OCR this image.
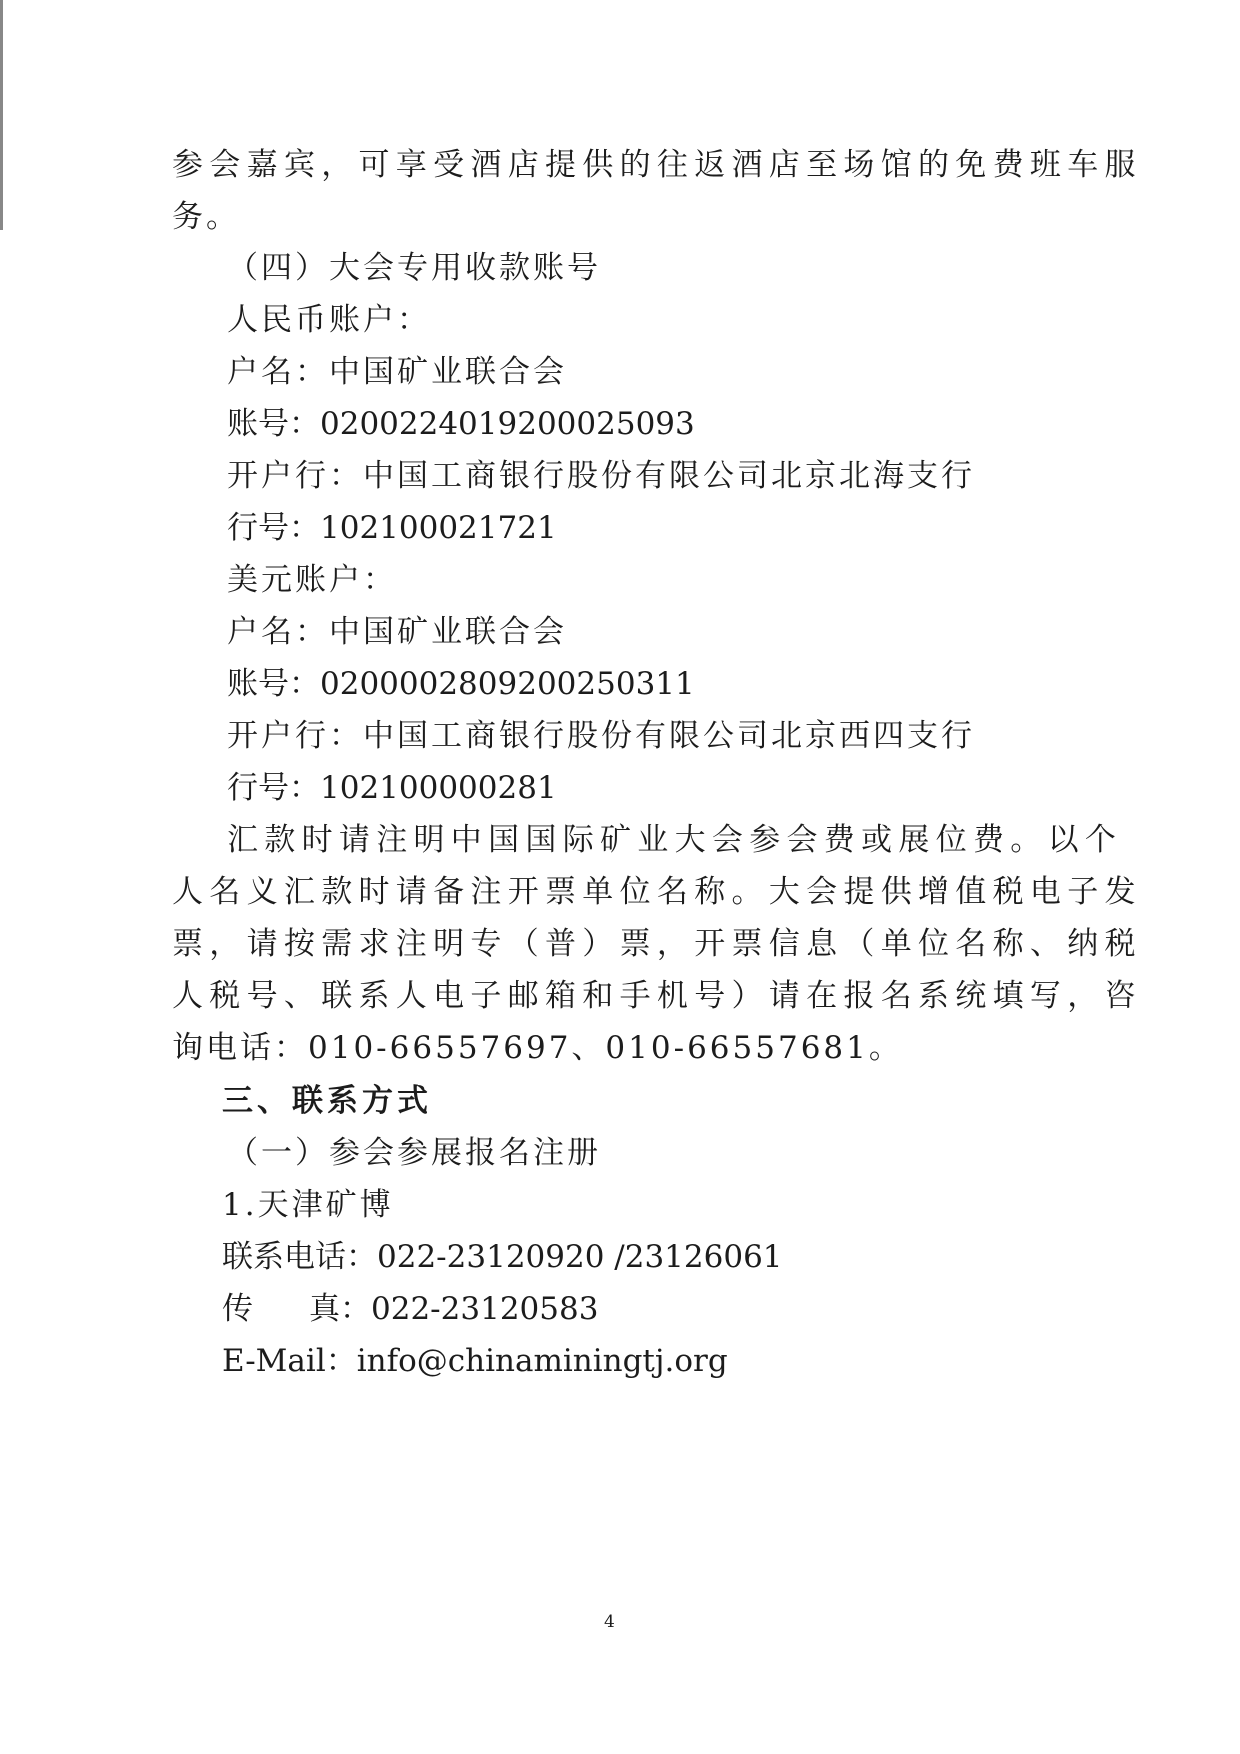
参会嘉宾，可享受酒店提供的往返酒店至场馆的免费班车服
务。
（四）大会专用收款账号
人民币账户：
户名：中国矿业联合会
账号：0200224019200025093
开户行：中国工商银行股份有限公司北京北海支行
行号：102100021721
美元账户：
户名：中国矿业联合会
账号：0200002809200250311
开户行：中国工商银行股份有限公司北京西四支行
行号：102100000281
汇款时请注明中国国际矿业大会参会费或展位费。以个
人名义汇款时请备注开票单位名称。大会提供增值税电子发
票，请按需求注明专（普）票，开票信息（单位名称、纳税
人税号、联系人电子邮箱和手机号）请在报名系统填写，咨
询电话：010-66557697、010-66557681。
三、联系方式
（一）参会参展报名注册
1.天津矿博
联系电话：022-23120920 /23126061
传 真：022-23120583
E-Mail：info@chinaminingtj.org
4
